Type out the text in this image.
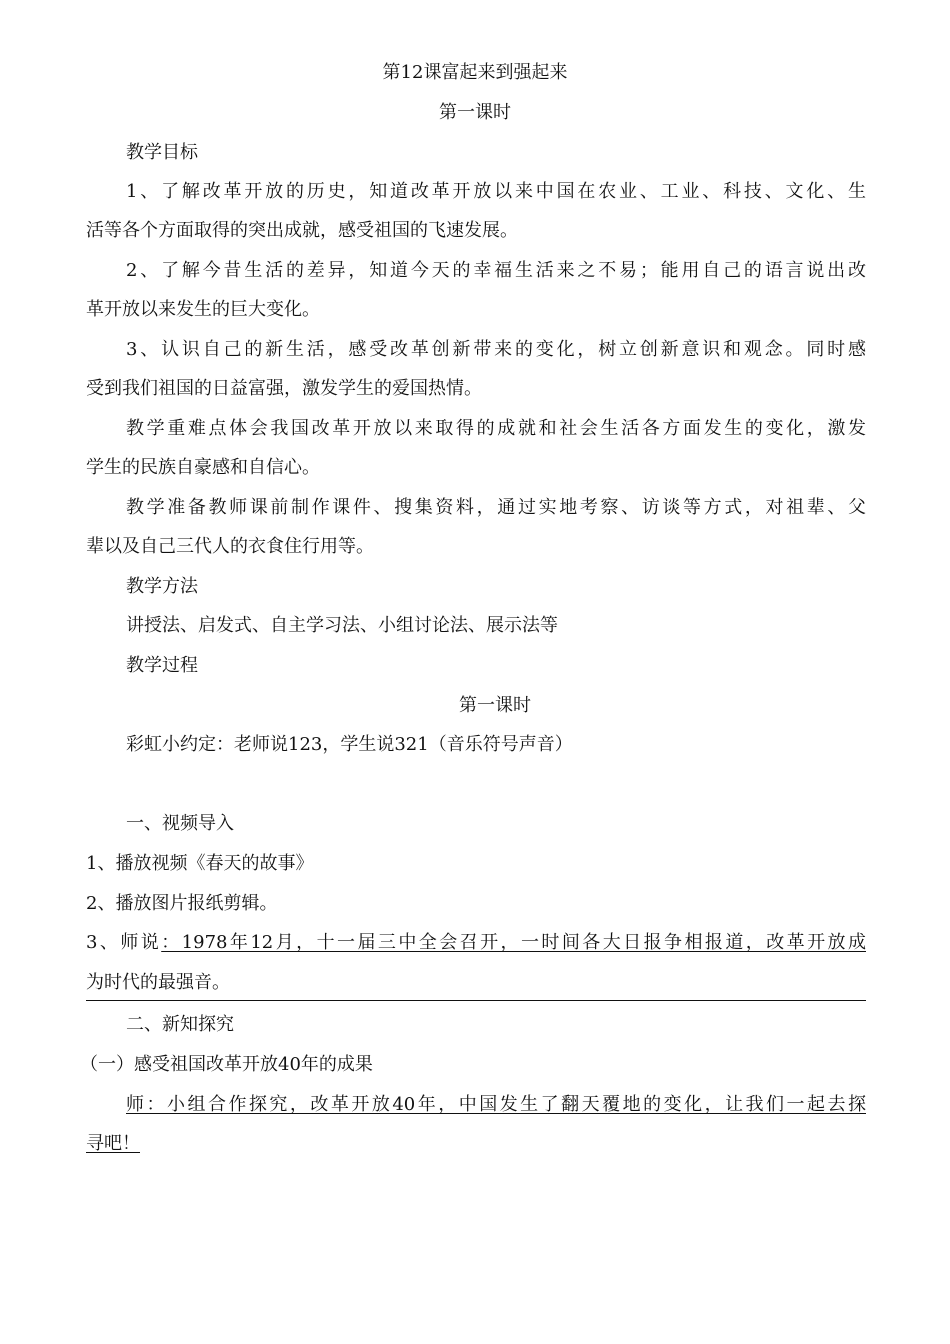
第12课富起来到强起来
第一课时
教学目标
1、了解改革开放的历史，知道改革开放以来中国在农业、工业、科技、文化、生
活等各个方面取得的突出成就，感受祖国的飞速发展。
2、了解今昔生活的差异，知道今天的幸福生活来之不易；能用自己的语言说出改
革开放以来发生的巨大变化。
3、认识自己的新生活，感受改革创新带来的变化，树立创新意识和观念。同时感
受到我们祖国的日益富强，激发学生的爱国热情。
教学重难点体会我国改革开放以来取得的成就和社会生活各方面发生的变化，激发
学生的民族自豪感和自信心。
教学准备教师课前制作课件、搜集资料，通过实地考察、访谈等方式，对祖辈、父
辈以及自己三代人的衣食住行用等。
教学方法
讲授法、启发式、自主学习法、小组讨论法、展示法等
教学过程
第一课时
彩虹小约定：老师说123，学生说321（音乐符号声音）
一、视频导入
1、播放视频《春天的故事》
2、播放图片报纸剪辑。
3、师说：1978年12月，十一届三中全会召开，一时间各大日报争相报道，改革开放成
为时代的最强音。
二、新知探究
（一）感受祖国改革开放40年的成果
师：小组合作探究，改革开放40年，中国发生了翻天覆地的变化，让我们一起去探
寻吧！
